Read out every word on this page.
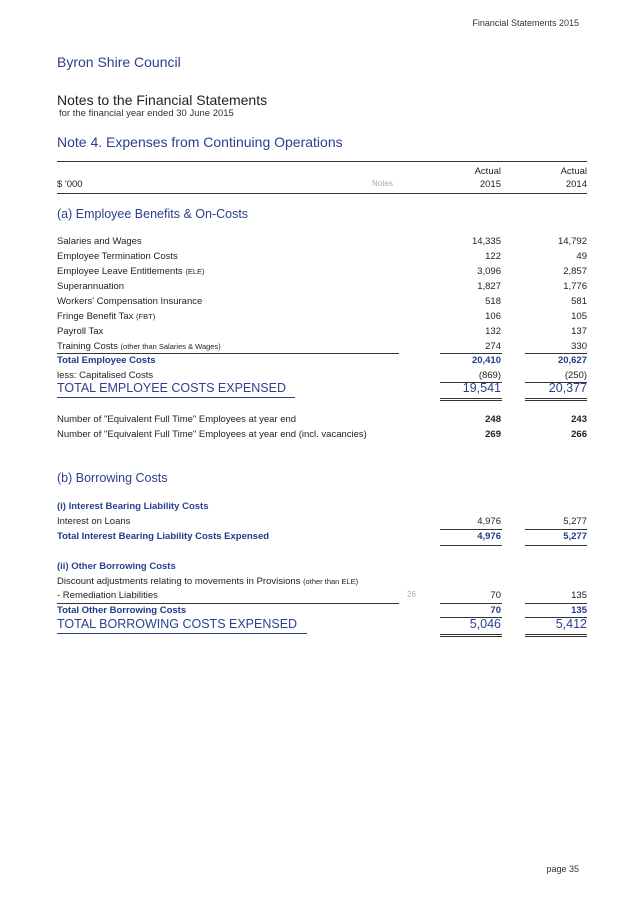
Financial Statements 2015
Byron Shire Council
Notes to the Financial Statements
for the financial year ended 30 June 2015
Note 4. Expenses from Continuing Operations
Actual	Actual
$ '000	Notes	2015	2014
(a) Employee Benefits & On-Costs
Salaries and Wages	14,335	14,792
Employee Termination Costs	122	49
Employee Leave Entitlements (ELE)	3,096	2,857
Superannuation	1,827	1,776
Workers' Compensation Insurance	518	581
Fringe Benefit Tax (FBT)	106	105
Payroll Tax	132	137
Training Costs (other than Salaries & Wages)	274	330
Total Employee Costs	20,410	20,627
less: Capitalised Costs	(869)	(250)
TOTAL EMPLOYEE COSTS EXPENSED	19,541	20,377
Number of "Equivalent Full Time" Employees at year end	248	243
Number of "Equivalent Full Time" Employees at year end (incl. vacancies)	269	266
(b) Borrowing Costs
(i) Interest Bearing Liability Costs
Interest on Loans	4,976	5,277
Total Interest Bearing Liability Costs Expensed	4,976	5,277
(ii) Other Borrowing Costs
Discount adjustments relating to movements in Provisions (other than ELE)
- Remediation Liabilities	26	70	135
Total Other Borrowing Costs	70	135
TOTAL BORROWING COSTS EXPENSED	5,046	5,412
page 35
